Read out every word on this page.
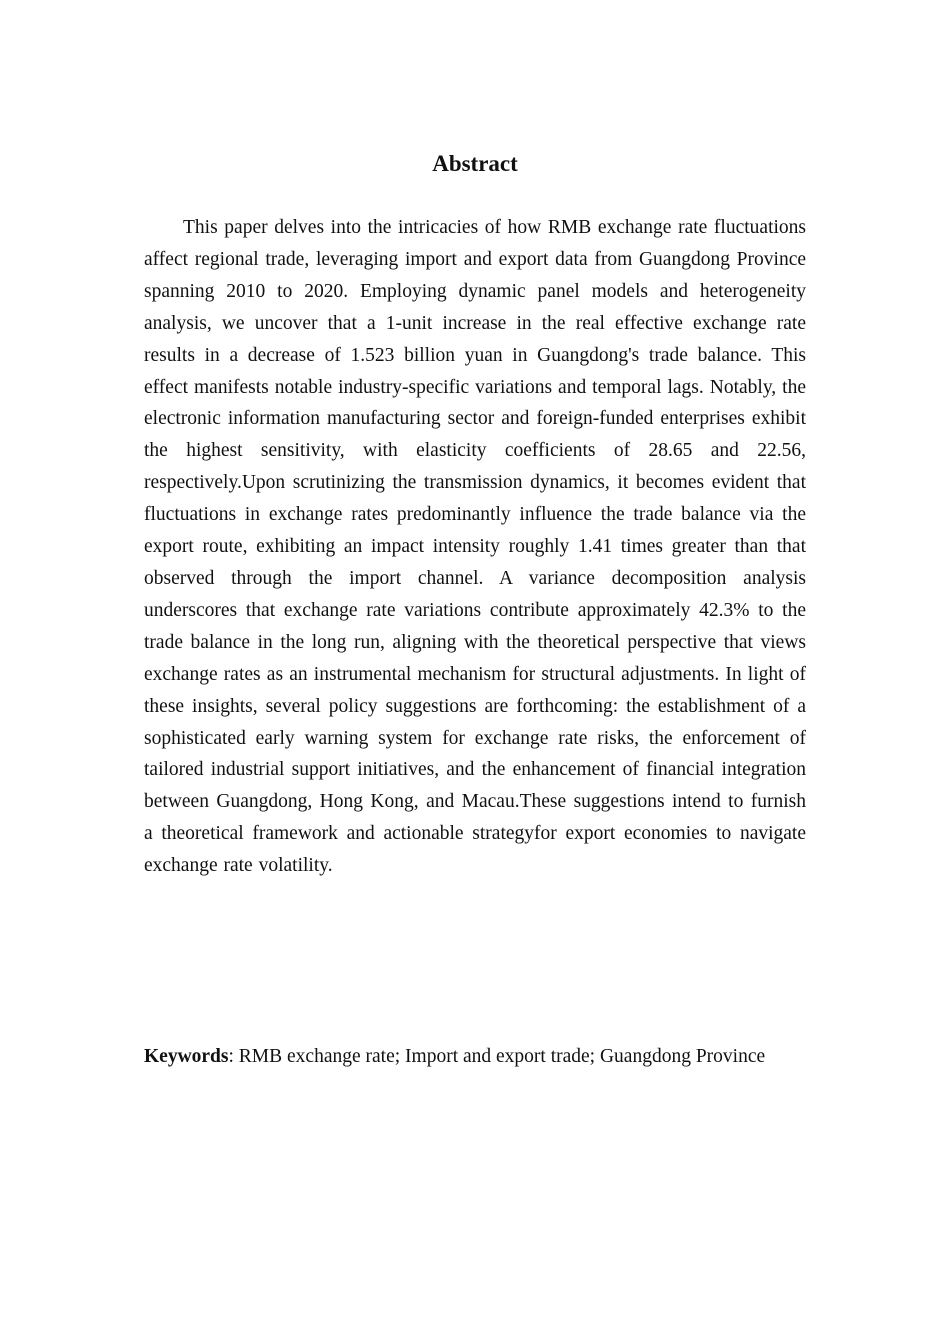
Abstract

This paper delves into the intricacies of how RMB exchange rate fluctuations affect regional trade, leveraging import and export data from Guangdong Province spanning 2010 to 2020. Employing dynamic panel models and heterogeneity analysis, we uncover that a 1-unit increase in the real effective exchange rate results in a decrease of 1.523 billion yuan in Guangdong's trade balance. This effect manifests notable industry-specific variations and temporal lags. Notably, the electronic information manufacturing sector and foreign-funded enterprises exhibit the highest sensitivity, with elasticity coefficients of 28.65 and 22.56, respectively.Upon scrutinizing the transmission dynamics, it becomes evident that fluctuations in exchange rates predominantly influence the trade balance via the export route, exhibiting an impact intensity roughly 1.41 times greater than that observed through the import channel. A variance decomposition analysis underscores that exchange rate variations contribute approximately 42.3% to the trade balance in the long run, aligning with the theoretical perspective that views exchange rates as an instrumental mechanism for structural adjustments. In light of these insights, several policy suggestions are forthcoming: the establishment of a sophisticated early warning system for exchange rate risks, the enforcement of tailored industrial support initiatives, and the enhancement of financial integration between Guangdong, Hong Kong, and Macau.These suggestions intend to furnish a theoretical framework and actionable strategyfor export economies to navigate exchange rate volatility.

Keywords: RMB exchange rate; Import and export trade; Guangdong Province
